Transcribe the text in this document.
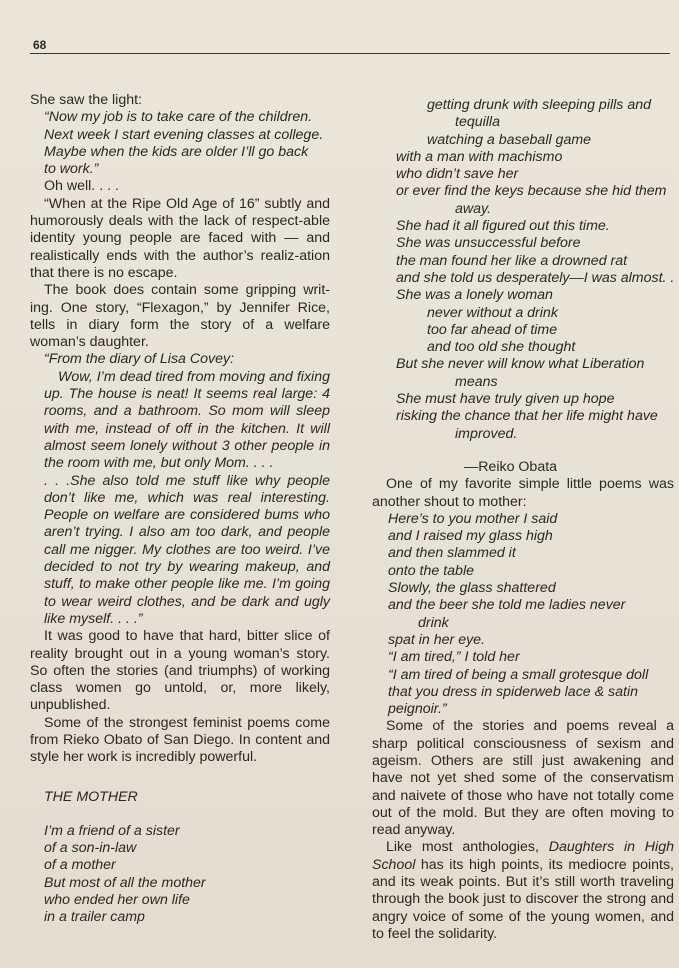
68

She saw the light:

“Now my job is to take care of the children.

Next week I start evening classes at college.

Maybe when the kids are older I’ll go back

to work.”

Oh well. . . .

“When at the Ripe Old Age of 16” subtly and humorously deals with the lack of respect-able identity young people are faced with — and realistically ends with the author’s realiz-ation that there is no escape.

The book does contain some gripping writ-ing. One story, “Flexagon,” by Jennifer Rice, tells in diary form the story of a welfare woman’s daughter.

“From the diary of Lisa Covey:

Wow, I’m dead tired from moving and fixing up. The house is neat! It seems real large: 4 rooms, and a bathroom. So mom will sleep with me, instead of off in the kitchen. It will almost seem lonely without 3 other people in the room with me, but only Mom. . . .

. . .She also told me stuff like why people don’t like me, which was real interesting. People on welfare are considered bums who aren’t trying. I also am too dark, and people call me nigger. My clothes are too weird. I’ve decided to not try by wearing makeup, and stuff, to make other people like me. I’m going to wear weird clothes, and be dark and ugly like myself. . . .”

It was good to have that hard, bitter slice of reality brought out in a young woman’s story. So often the stories (and triumphs) of working class women go untold, or, more likely, unpublished.

Some of the strongest feminist poems come from Rieko Obato of San Diego. In content and style her work is incredibly powerful.

THE MOTHER

I’m a friend of a sister

of a son-in-law

of a mother

But most of all the mother

who ended her own life

in a trailer camp

getting drunk with sleeping pills and

tequilla

watching a baseball game

with a man with machismo

who didn’t save her

or ever find the keys because she hid them

away.

She had it all figured out this time.

She was unsuccessful before

the man found her like a drowned rat

and she told us desperately—I was almost. .

She was a lonely woman

never without a drink

too far ahead of time

and too old she thought

But she never will know what Liberation

means

She must have truly given up hope

risking the chance that her life might have

improved.

—Reiko Obata

One of my favorite simple little poems was another shout to mother:

Here’s to you mother I said

and I raised my glass high

and then slammed it

onto the table

Slowly, the glass shattered

and the beer she told me ladies never

drink

spat in her eye.

“I am tired,” I told her

“I am tired of being a small grotesque doll

that you dress in spiderweb lace & satin

peignoir.”

Some of the stories and poems reveal a sharp political consciousness of sexism and ageism. Others are still just awakening and have not yet shed some of the conservatism and naivete of those who have not totally come out of the mold. But they are often moving to read anyway.

Like most anthologies, Daughters in High School has its high points, its mediocre points, and its weak points. But it’s still worth traveling through the book just to discover the strong and angry voice of some of the young women, and to feel the solidarity.
